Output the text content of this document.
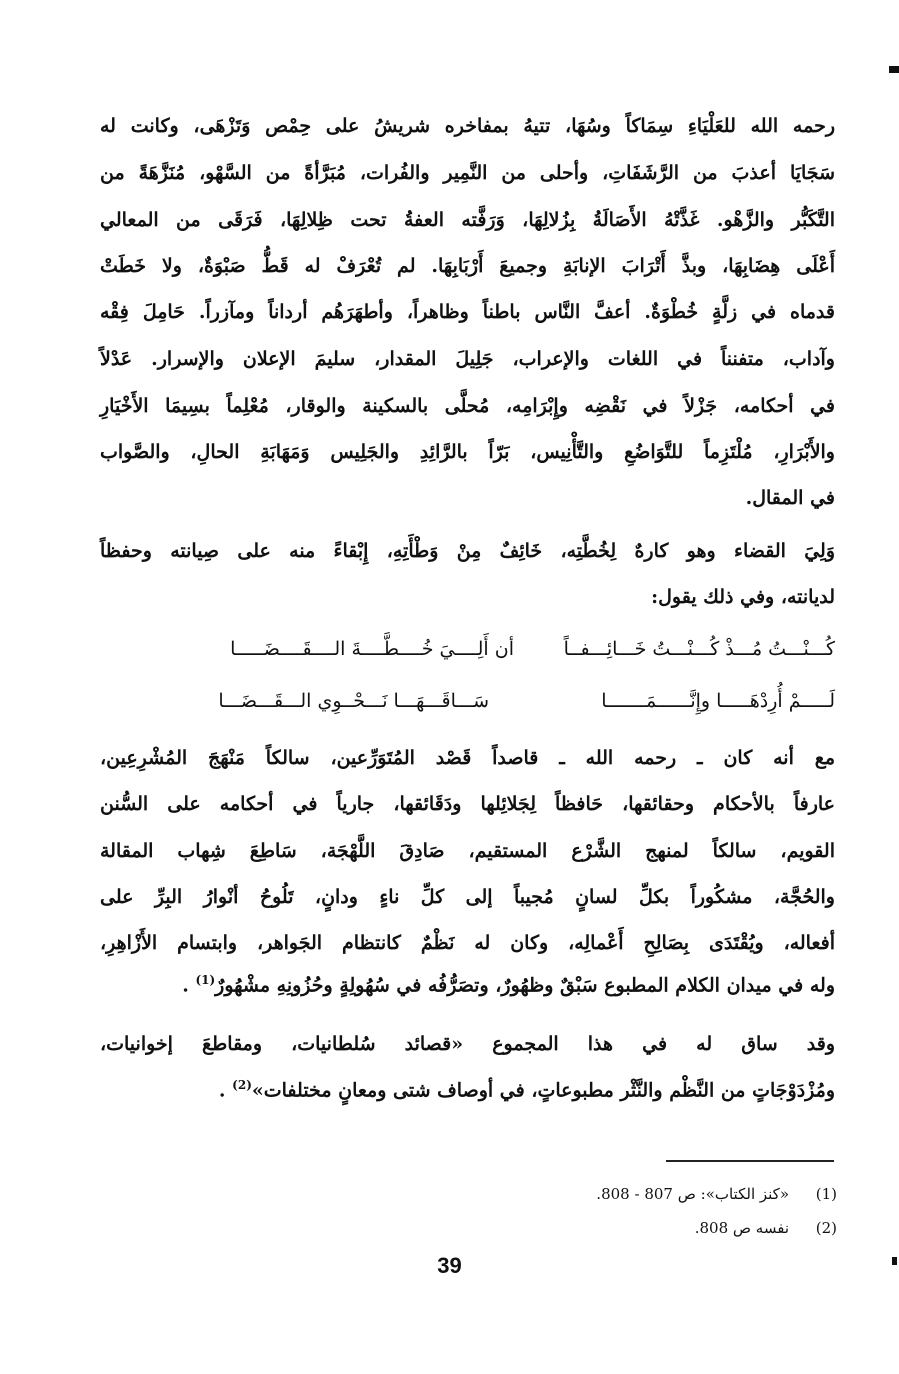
رحمه الله للعَلْيَاءِ سِمَاكاً وسُهَا، تتيهُ بمفاخره شريشُ على حِمْص وَتَزْهَى، وكانت له
سَجَايَا أعذبَ من الرَّشَفَاتِ، وأحلى من النَّمِير والفُرات، مُبَرَّأةً من السَّهْو، مُنَزَّهَةً من
التَّكَبُّر والزَّهْو. غَذَّتْهُ الأَصَالَةُ بِزُلالِهَا، وَرَفَّته العفةُ تحت ظِلالِهَا، فَرَقَى من المعالي
أَعْلَى هِضَابِهَا، وبذَّ أَتْرَابَ الإنابَةِ وجميعَ أَرْبَابِهَا. لم تُعْرَفْ له قَطُّ صَبْوَةٌ، ولا خَطَتْ
قدماه في زلَّةٍ خُطْوَةٌ. أعفَّ النَّاس باطناً وظاهراً، وأطهَرَهُم أرداناً ومآزراً. حَامِلَ فِقْه
وآداب، متفنناً في اللغات والإعراب، جَلِيلَ المقدار، سليمَ الإعلان والإسرار. عَدْلاً
في أحكامه، جَزْلاً في نَقْضِه وإِبْرَامِه، مُحلَّى بالسكينة والوقار، مُعْلِماً بسِيمَا الأَخْيَارِ
والأَبْرَارِ، مُلْتَزِماً للتَّوَاضُعِ والتَّأْنِيس، بَرّاً بالرَّائِدِ والجَلِيس وَمَهَابَةِ الحالِ، والصَّواب
في المقال.
وَلِيَ القضاء وهو كارهٌ لِخُطَّتِه، خَائِفٌ مِنْ وَطْأَتِهِ، إِبْقاءً منه على صِيانته وحفظاً
لديانته، وفي ذلك يقول:
كُـــنْـــتُ مُـــذْ كُـــنْـــتُ خَـــائِـــفــاً
أن أَلِــــيَ خُــــطَّــــةَ الــــقَــــضَـــــا
لَـــــمْ أُرِدْهَـــــا وإِنَّــــــمَـــــــا
سَـــاقَـــهَـــا نَـــحْــوِي الـــقَـــضَـــا
مع أنه كان ـ رحمه الله ـ قاصداً قَصْد المُتَوَرِّعين، سالكاً مَنْهَجَ المُشْرِعِين،
عارفاً بالأحكام وحقائقها، حَافظاً لِجَلائِلها ودَقَائقها، جارياً في أحكامه على السُّنن
القويم، سالكاً لمنهج الشَّرْع المستقيم، صَادِقَ اللَّهْجَة، سَاطِعَ شِهاب المقالة
والحُجَّة، مشكُوراً بكلِّ لسانٍ مُجيباً إلى كلِّ ناءٍ ودانٍ، تَلُوحُ أنْوارُ البِرِّ على
أفعاله، ويُقْتَدَى بِصَالِحِ أَعْمالِه، وكان له نَظْمٌ كانتظام الجَواهر، وابتسام الأَزْاهِرِ،
وله في ميدان الكلام المطبوع سَبْقٌ وظهُورٌ، وتصَرُّفُه في سُهُولِةٍ وحُزُونِهِ مشْهُورٌ$^{(1)}$ .
وقد ساق له في هذا المجموع «قصائد سُلطانيات، ومقاطعَ إخوانيات،
ومُزْدَوْجَاتٍ من النَّظْم والنَّثْر مطبوعاتٍ، في أوصاف شتى ومعانٍ مختلفات»$^{(2)}$ .
(1)
«كنز الكتاب»: ص 807 - 808.
(2)
نفسه ص 808.
39
